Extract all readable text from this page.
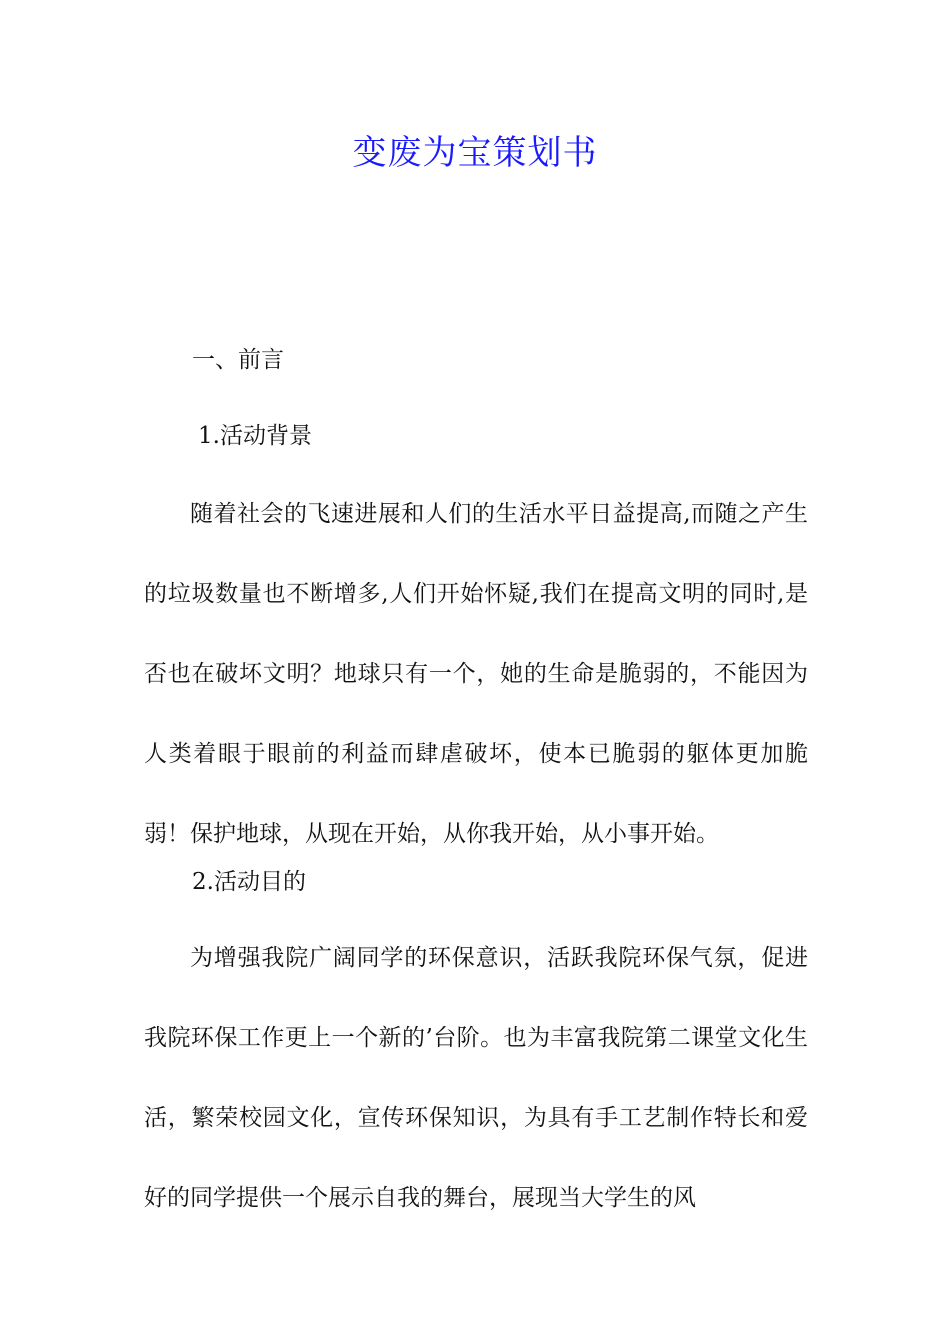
变废为宝策划书
一、前言
1.活动背景

随着社会的飞速进展和人们的生活水平日益提高,而随之产生的垃圾数量也不断增多,人们开始怀疑,我们在提高文明的同时,是否也在破坏文明？地球只有一个，她的生命是脆弱的，不能因为人类着眼于眼前的利益而肆虐破坏，使本已脆弱的躯体更加脆弱！保护地球，从现在开始，从你我开始，从小事开始。

2.活动目的

为增强我院广阔同学的环保意识，活跃我院环保气氛，促进我院环保工作更上一个新的’台阶。也为丰富我院第二课堂文化生活，繁荣校园文化，宣传环保知识，为具有手工艺制作特长和爱好的同学提供一个展示自我的舞台，展现当大学生的风
